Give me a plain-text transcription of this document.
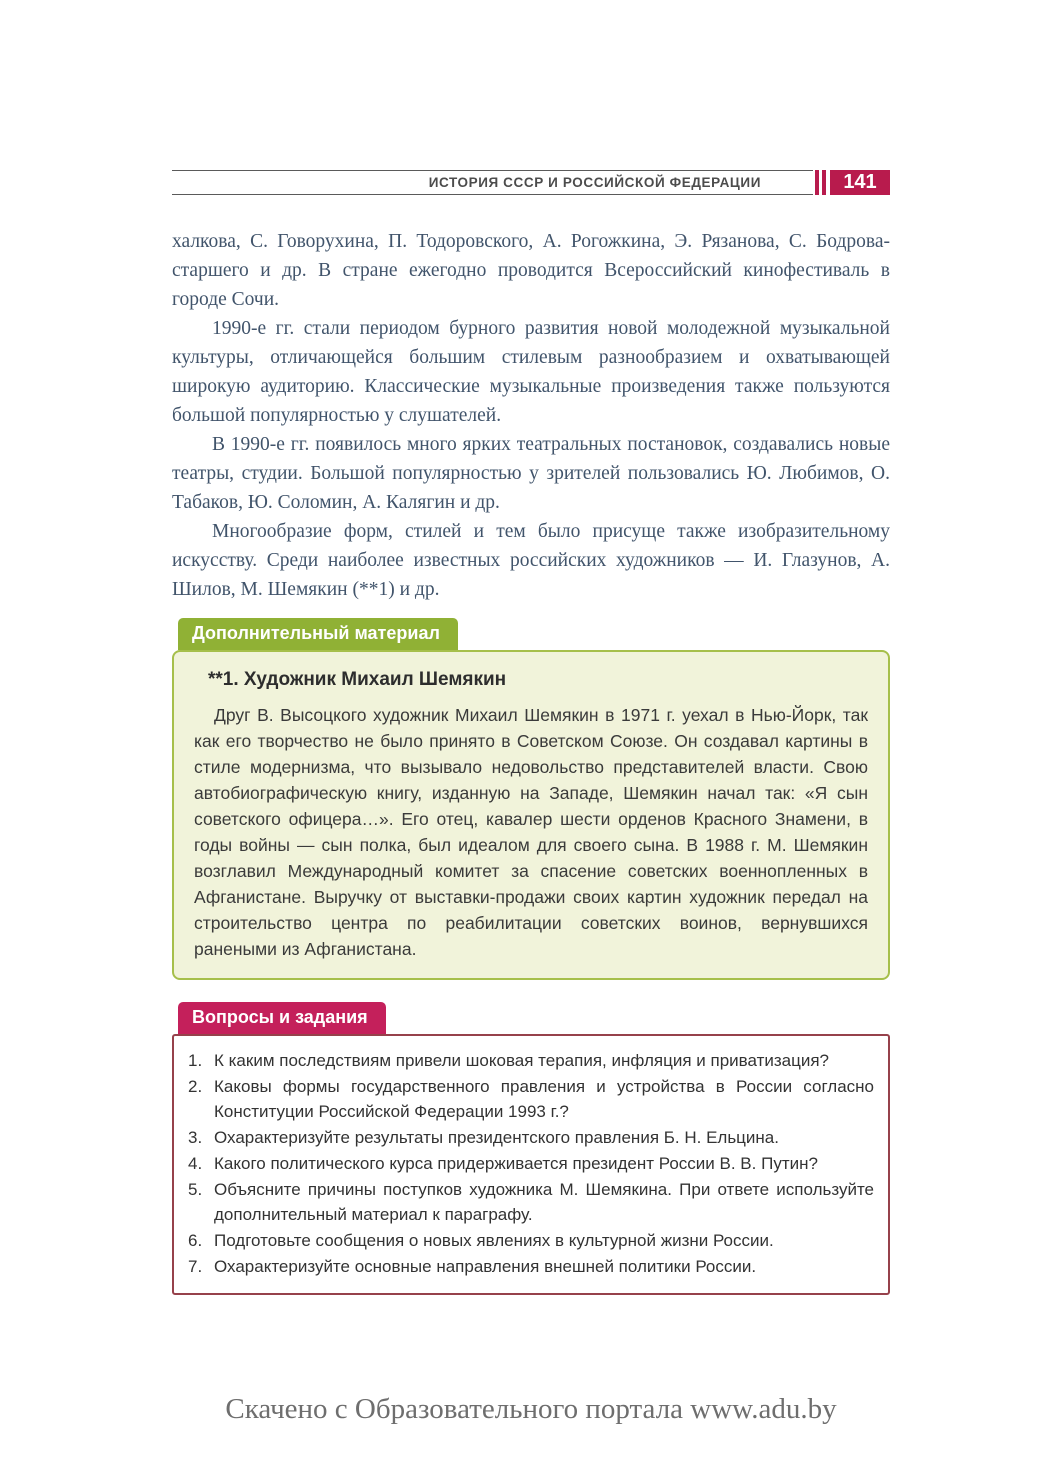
ИСТОРИЯ СССР И РОССИЙСКОЙ ФЕДЕРАЦИИ	141

халкова, С. Говорухина, П. Тодоровского, А. Рогожкина, Э. Рязанова, С. Бодрова-старшего и др. В стране ежегодно проводится Всероссийский кинофестиваль в городе Сочи.

1990-е гг. стали периодом бурного развития новой молодежной музыкальной культуры, отличающейся большим стилевым разнообразием и охватывающей широкую аудиторию. Классические музыкальные произведения также пользуются большой популярностью у слушателей.

В 1990-е гг. появилось много ярких театральных постановок, создавались новые театры, студии. Большой популярностью у зрителей пользовались Ю. Любимов, О. Табаков, Ю. Соломин, А. Калягин и др.

Многообразие форм, стилей и тем было присуще также изобразительному искусству. Среди наиболее известных российских художников — И. Глазунов, А. Шилов, М. Шемякин (**1) и др.

Дополнительный материал
**1. Художник Михаил Шемякин

Друг В. Высоцкого художник Михаил Шемякин в 1971 г. уехал в Нью-Йорк, так как его творчество не было принято в Советском Союзе. Он создавал картины в стиле модернизма, что вызывало недовольство представителей власти. Свою автобиографическую книгу, изданную на Западе, Шемякин начал так: «Я сын советского офицера…». Его отец, кавалер шести орденов Красного Знамени, в годы войны — сын полка, был идеалом для своего сына. В 1988 г. М. Шемякин возглавил Международный комитет за спасение советских военнопленных в Афганистане. Выручку от выставки-продажи своих картин художник передал на строительство центра по реабилитации советских воинов, вернувшихся ранеными из Афганистана.

Вопросы и задания
1. К каким последствиям привели шоковая терапия, инфляция и приватизация?
2. Каковы формы государственного правления и устройства в России согласно Конституции Российской Федерации 1993 г.?
3. Охарактеризуйте результаты президентского правления Б. Н. Ельцина.
4. Какого политического курса придерживается президент России В. В. Путин?
5. Объясните причины поступков художника М. Шемякина. При ответе используйте дополнительный материал к параграфу.
6. Подготовьте сообщения о новых явлениях в культурной жизни России.
7. Охарактеризуйте основные направления внешней политики России.
Скачено с Образовательного портала www.adu.by
